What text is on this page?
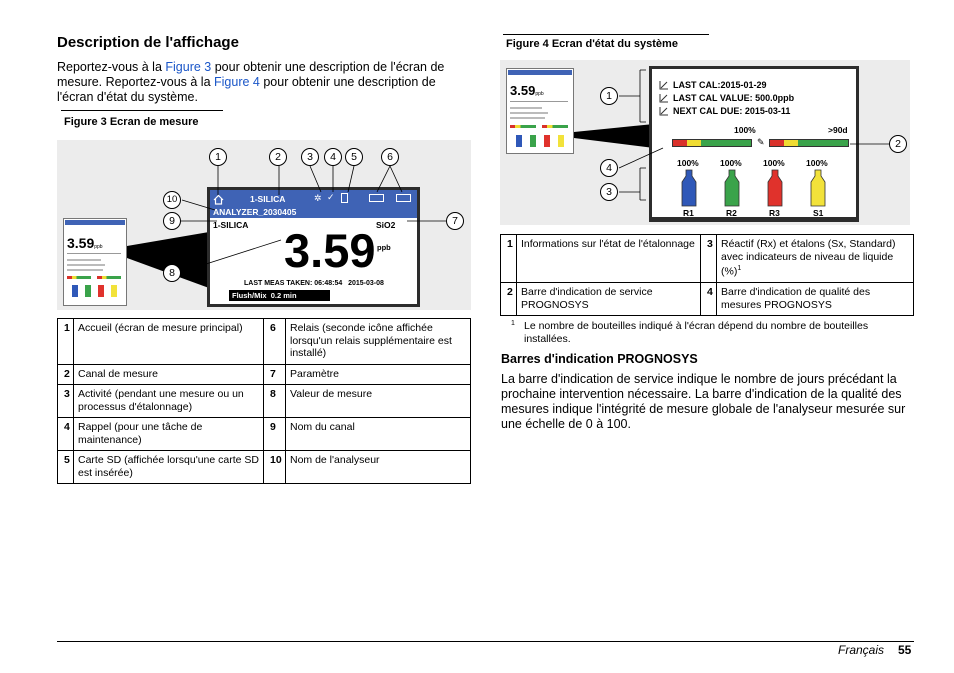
Description de l'affichage

Reportez-vous à la Figure 3 pour obtenir une description de l'écran de mesure. Reportez-vous à la Figure 4 pour obtenir une description de l'écran d'état du système.

Figure 3 Ecran de mesure
3.59ppb
1-SILICA	✲ ✓
ANALYZER_2030405
1-SILICA	SiO2
3.59 ppb
LAST MEAS TAKEN: 06:48:54   2015-03-08
Flush/Mix  0.2 min
1	2	3	4	5	6
7
8
9
10
1	Accueil (écran de mesure principal)	6	Relais (seconde icône affichée lorsqu'un relais supplémentaire est installé)
2	Canal de mesure	7	Paramètre
3	Activité (pendant une mesure ou un processus d'étalonnage)	8	Valeur de mesure
4	Rappel (pour une tâche de maintenance)	9	Nom du canal
5	Carte SD (affichée lorsqu'une carte SD est insérée)	10	Nom de l'analyseur
Figure 4 Ecran d'état du système
3.59ppb
LAST CAL:2015-01-29
LAST CAL VALUE: 500.0ppb
NEXT CAL DUE: 2015-03-11
100%	>90d
✎
100%	100%	100%	100%
R1	R2	R3	S1
1
2
3
4
1	Informations sur l'état de l'étalonnage	3	Réactif (Rx) et étalons (Sx, Standard) avec indicateurs de niveau de liquide (%)$^1$
2	Barre d'indication de service PROGNOSYS	4	Barre d'indication de qualité des mesures PROGNOSYS
1 Le nombre de bouteilles indiqué à l'écran dépend du nombre de bouteilles installées.
Barres d'indication PROGNOSYS

La barre d'indication de service indique le nombre de jours précédant la prochaine intervention nécessaire. La barre d'indication de la qualité des mesures indique l'intégrité de mesure globale de l'analyseur mesurée sur une échelle de 0 à 100.

Français 55
